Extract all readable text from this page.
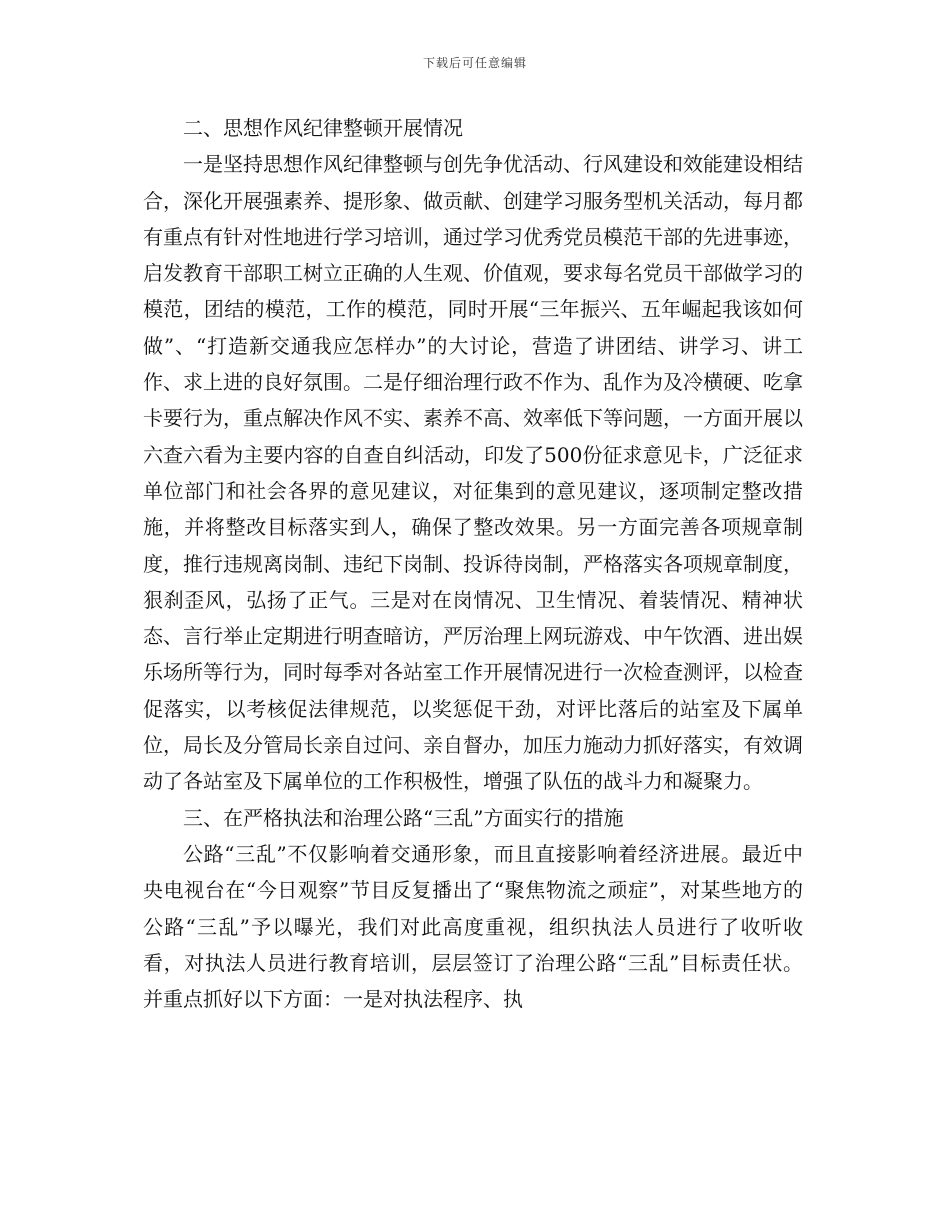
下载后可任意编辑

二、思想作风纪律整顿开展情况

一是坚持思想作风纪律整顿与创先争优活动、行风建设和效能建设相结合，深化开展强素养、提形象、做贡献、创建学习服务型机关活动，每月都有重点有针对性地进行学习培训，通过学习优秀党员模范干部的先进事迹，启发教育干部职工树立正确的人生观、价值观，要求每名党员干部做学习的模范，团结的模范，工作的模范，同时开展“三年振兴、五年崛起我该如何做”、“打造新交通我应怎样办”的大讨论，营造了讲团结、讲学习、讲工作、求上进的良好氛围。二是仔细治理行政不作为、乱作为及冷横硬、吃拿卡要行为，重点解决作风不实、素养不高、效率低下等问题，一方面开展以六查六看为主要内容的自查自纠活动，印发了500份征求意见卡，广泛征求单位部门和社会各界的意见建议，对征集到的意见建议，逐项制定整改措施，并将整改目标落实到人，确保了整改效果。另一方面完善各项规章制度，推行违规离岗制、违纪下岗制、投诉待岗制，严格落实各项规章制度，狠刹歪风，弘扬了正气。三是对在岗情况、卫生情况、着装情况、精神状态、言行举止定期进行明查暗访，严厉治理上网玩游戏、中午饮酒、进出娱乐场所等行为，同时每季对各站室工作开展情况进行一次检查测评，以检查促落实，以考核促法律规范，以奖惩促干劲，对评比落后的站室及下属单位，局长及分管局长亲自过问、亲自督办，加压力施动力抓好落实，有效调动了各站室及下属单位的工作积极性，增强了队伍的战斗力和凝聚力。

三、在严格执法和治理公路“三乱”方面实行的措施

公路“三乱”不仅影响着交通形象，而且直接影响着经济进展。最近中央电视台在“今日观察”节目反复播出了“聚焦物流之顽症”，对某些地方的公路“三乱”予以曝光，我们对此高度重视，组织执法人员进行了收听收看，对执法人员进行教育培训，层层签订了治理公路“三乱”目标责任状。并重点抓好以下方面：一是对执法程序、执
